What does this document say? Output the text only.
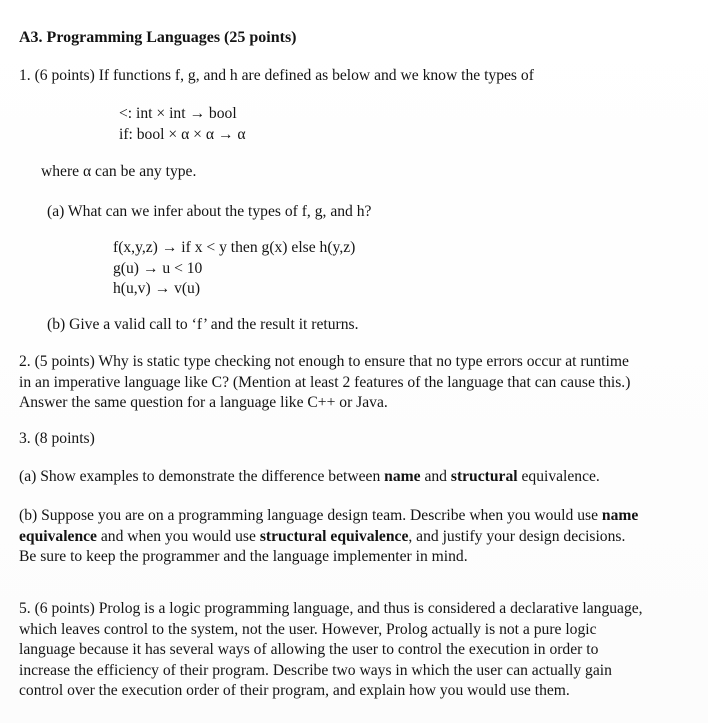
A3. Programming Languages (25 points)
1. (6 points) If functions f, g, and h are defined as below and we know the types of
<: int × int → bool
if: bool × α × α → α
where α can be any type.
(a) What can we infer about the types of f, g, and h?
f(x,y,z) → if x < y then g(x) else h(y,z)
g(u) → u < 10
h(u,v) → v(u)
(b) Give a valid call to ‘f’ and the result it returns.
2. (5 points) Why is static type checking not enough to ensure that no type errors occur at runtime
in an imperative language like C? (Mention at least 2 features of the language that can cause this.)
Answer the same question for a language like C++ or Java.
3. (8 points)
(a) Show examples to demonstrate the difference between name and structural equivalence.
(b) Suppose you are on a programming language design team. Describe when you would use name
equivalence and when you would use structural equivalence, and justify your design decisions.
Be sure to keep the programmer and the language implementer in mind.
5. (6 points) Prolog is a logic programming language, and thus is considered a declarative language,
which leaves control to the system, not the user. However, Prolog actually is not a pure logic
language because it has several ways of allowing the user to control the execution in order to
increase the efficiency of their program. Describe two ways in which the user can actually gain
control over the execution order of their program, and explain how you would use them.
